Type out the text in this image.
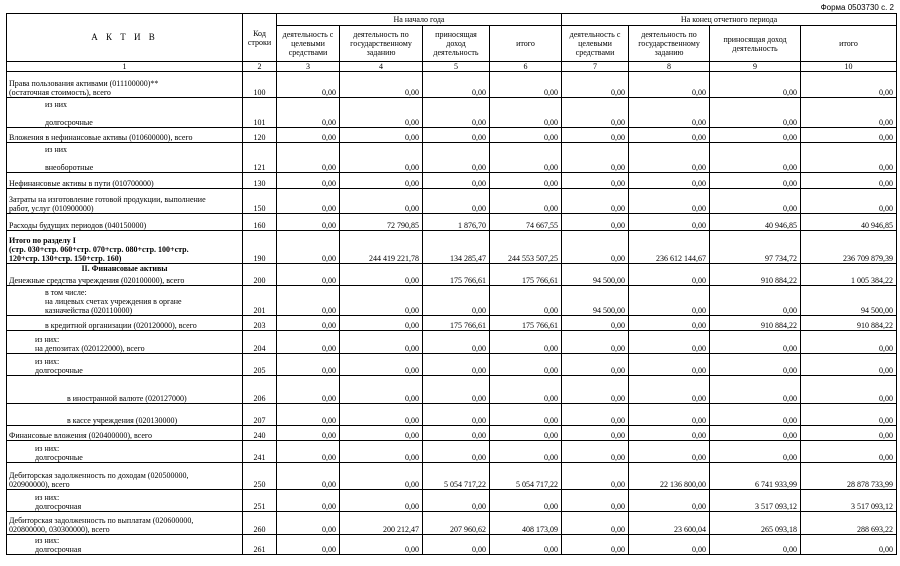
Форма 0503730 с. 2
А К Т И В	Код строки	На начало года				На конец отчетного периода			
		деятельность с целевыми средствами	деятельность по государственному заданию	приносящая доход деятельность	итого	деятельность с целевыми средствами	деятельность по государственному заданию	приносящая доход деятельность	итого
1	2	3	4	5	6	7	8	9	10
Права пользования активами (011100000)**
(остаточная стоимость), всего	100	0,00	0,00	0,00	0,00	0,00	0,00	0,00	0,00
из них

долгосрочные	101	0,00	0,00	0,00	0,00	0,00	0,00	0,00	0,00
Вложения в нефинансовые активы (010600000), всего	120	0,00	0,00	0,00	0,00	0,00	0,00	0,00	0,00
из них

внеоборотные	121	0,00	0,00	0,00	0,00	0,00	0,00	0,00	0,00
Нефинансовые активы в пути (010700000)	130	0,00	0,00	0,00	0,00	0,00	0,00	0,00	0,00
Затраты на изготовление готовой продукции, выполнение
работ, услуг (010900000)	150	0,00	0,00	0,00	0,00	0,00	0,00	0,00	0,00
Расходы будущих периодов (040150000)	160	0,00	72 790,85	1 876,70	74 667,55	0,00	0,00	40 946,85	40 946,85
Итого по разделу I
(стр. 030+стр. 060+стр. 070+стр. 080+стр. 100+стр.
120+стр. 130+стр. 150+стр. 160)	190	0,00	244 419 221,78	134 285,47	244 553 507,25	0,00	236 612 144,67	97 734,72	236 709 879,39
II. Финансовые активы									
Денежные средства учреждения (020100000), всего	200	0,00	0,00	175 766,61	175 766,61	94 500,00	0,00	910 884,22	1 005 384,22
в том числе:
на лицевых счетах учреждения в органе
казначейства (020110000)	201	0,00	0,00	0,00	0,00	94 500,00	0,00	0,00	94 500,00
в кредитной организации (020120000), всего	203	0,00	0,00	175 766,61	175 766,61	0,00	0,00	910 884,22	910 884,22
из них:
на депозитах (020122000), всего	204	0,00	0,00	0,00	0,00	0,00	0,00	0,00	0,00
из них:
долгосрочные	205	0,00	0,00	0,00	0,00	0,00	0,00	0,00	0,00
в иностранной валюте (020127000)	206	0,00	0,00	0,00	0,00	0,00	0,00	0,00	0,00
в кассе учреждения (020130000)	207	0,00	0,00	0,00	0,00	0,00	0,00	0,00	0,00
Финансовые вложения (020400000), всего	240	0,00	0,00	0,00	0,00	0,00	0,00	0,00	0,00
из них:
долгосрочные	241	0,00	0,00	0,00	0,00	0,00	0,00	0,00	0,00
Дебиторская задолженность по доходам (020500000,
020900000), всего	250	0,00	0,00	5 054 717,22	5 054 717,22	0,00	22 136 800,00	6 741 933,99	28 878 733,99
из них:
долгосрочная	251	0,00	0,00	0,00	0,00	0,00	0,00	3 517 093,12	3 517 093,12
Дебиторская задолженность по выплатам (020600000,
020800000, 030300000), всего	260	0,00	200 212,47	207 960,62	408 173,09	0,00	23 600,04	265 093,18	288 693,22
из них:
долгосрочная	261	0,00	0,00	0,00	0,00	0,00	0,00	0,00	0,00
